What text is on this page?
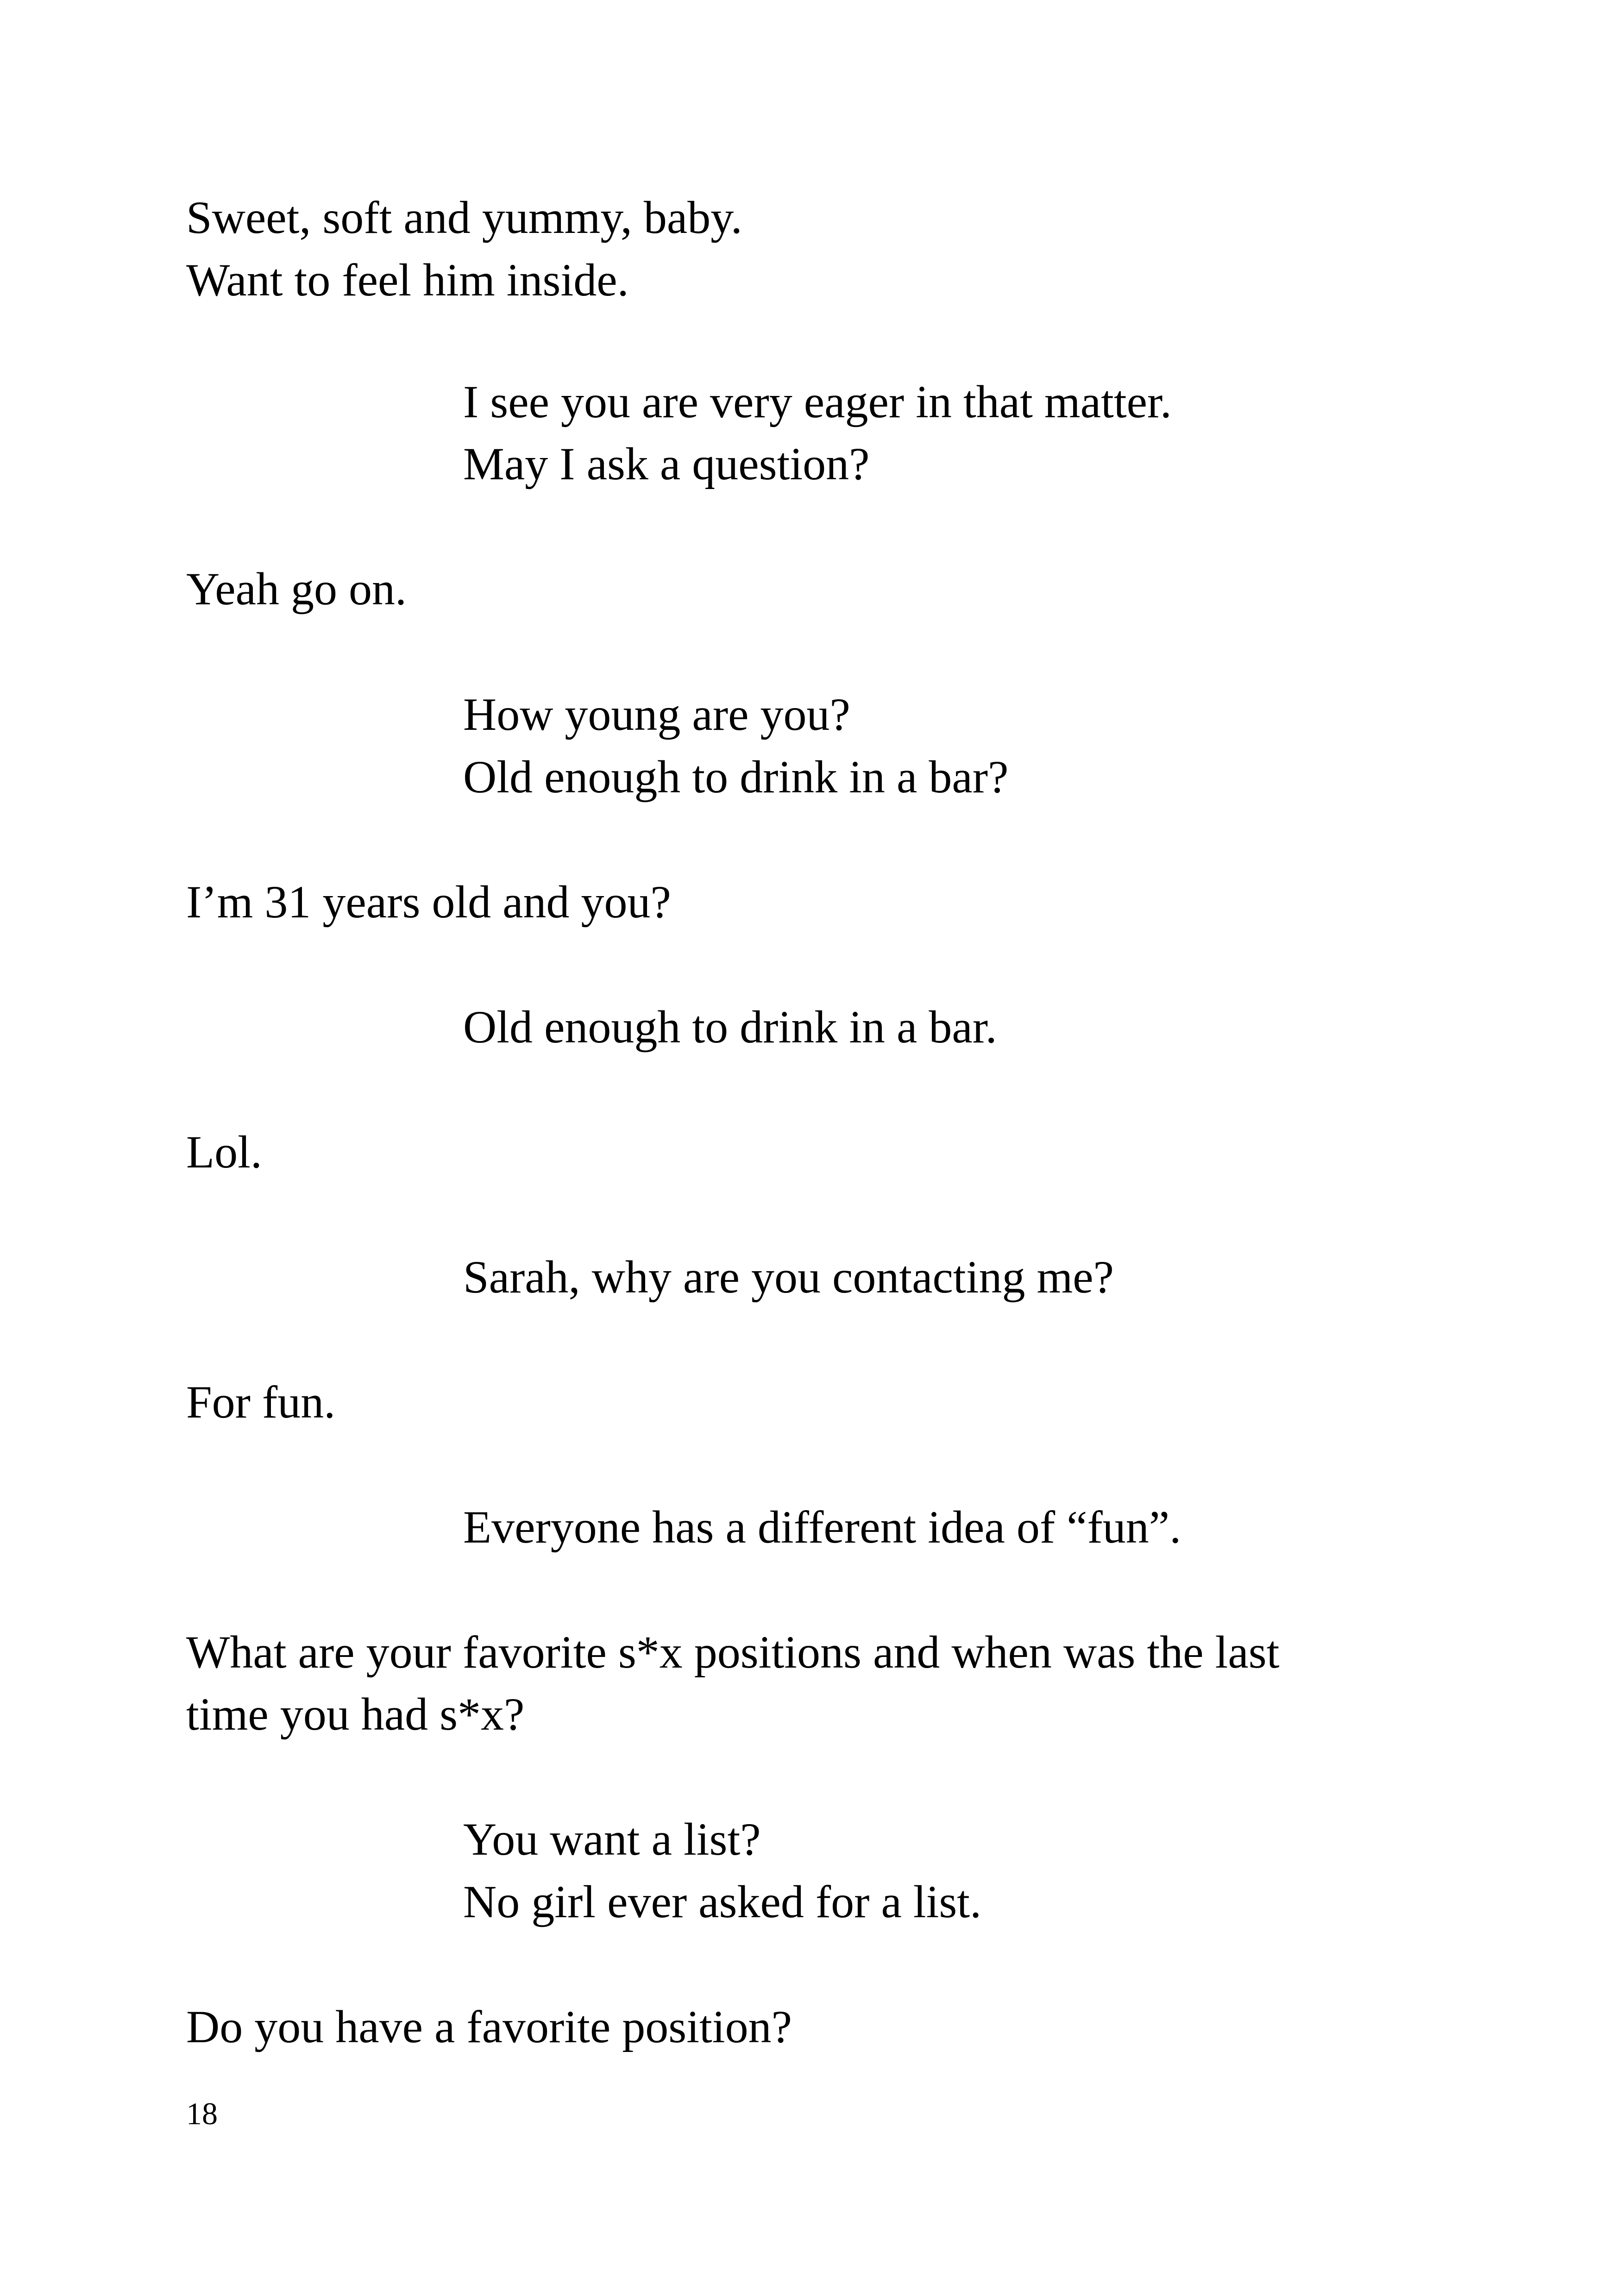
Sweet, soft and yummy, baby.
Want to feel him inside.
I see you are very eager in that matter.
May I ask a question?
Yeah go on.
How young are you?
Old enough to drink in a bar?
I’m 31 years old and you?
Old enough to drink in a bar.
Lol.
Sarah, why are you contacting me?
For fun.
Everyone has a different idea of “fun”.
What are your favorite s*x positions and when was the last
time you had s*x?
You want a list?
No girl ever asked for a list.
Do you have a favorite position?
18
